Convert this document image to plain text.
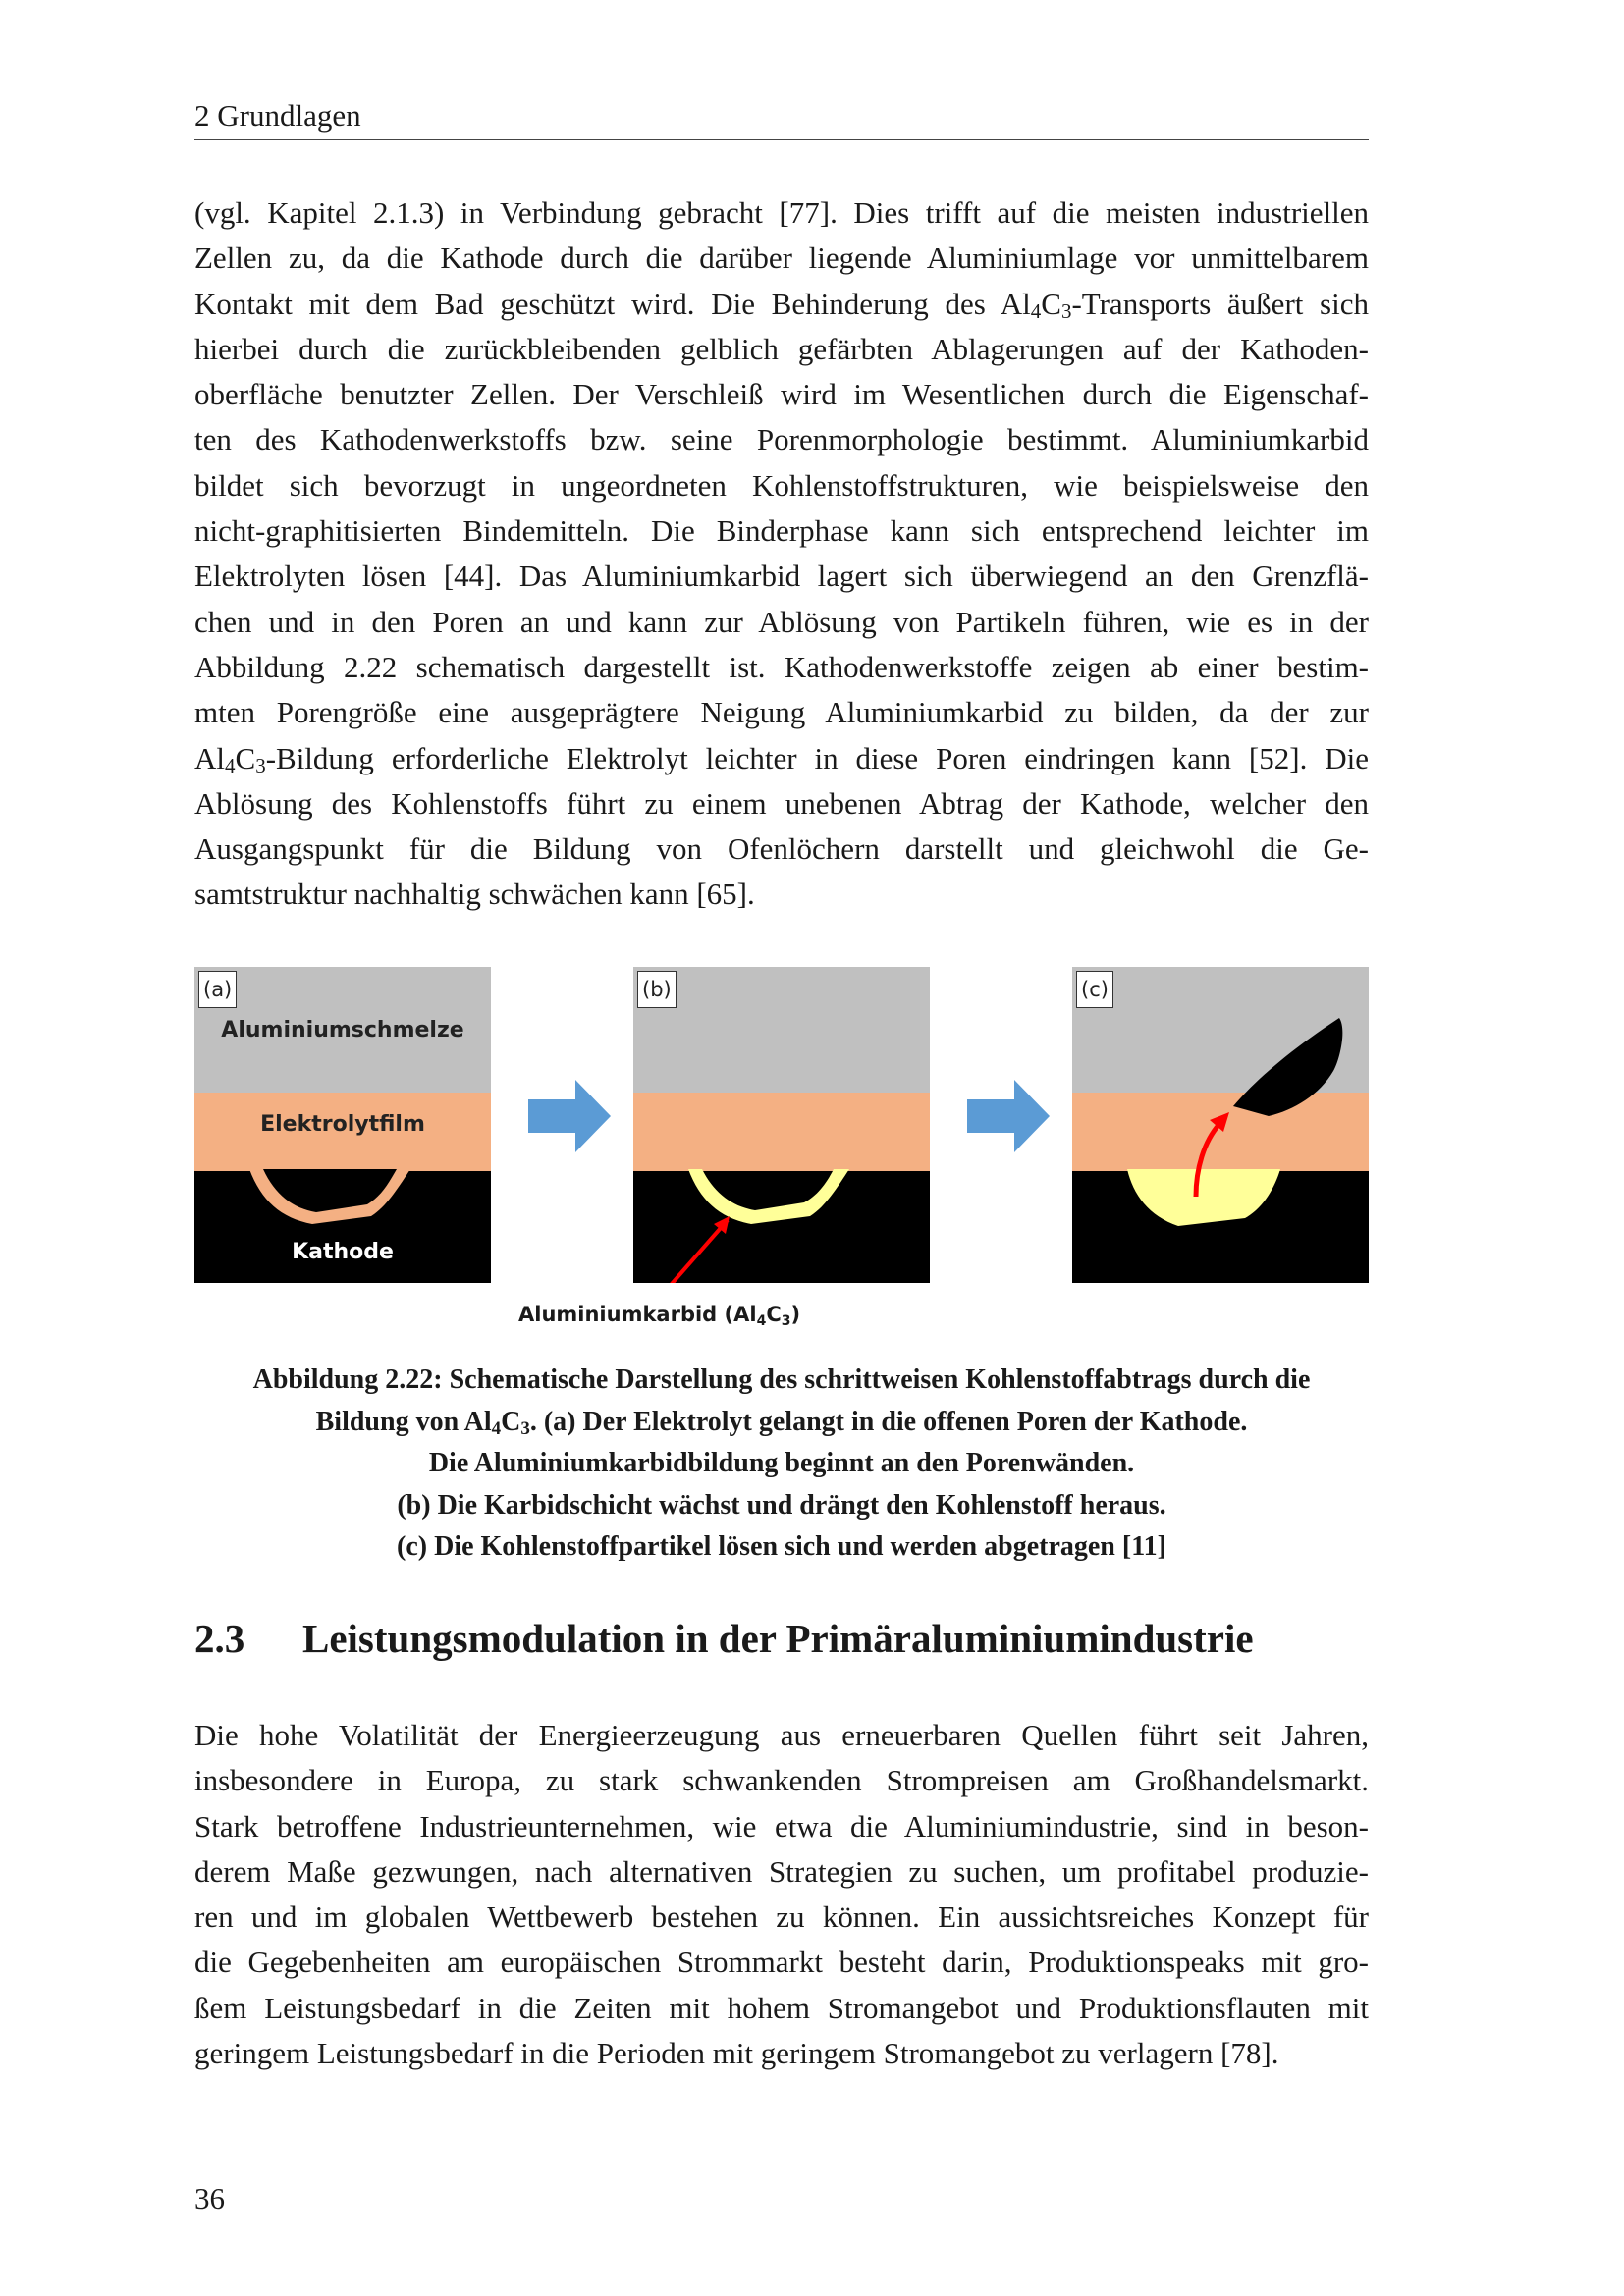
2 Grundlagen
(vgl. Kapitel 2.1.3) in Verbindung gebracht [77]. Dies trifft auf die meisten industriellen
Zellen zu, da die Kathode durch die darüber liegende Aluminiumlage vor unmittelbarem
Kontakt mit dem Bad geschützt wird. Die Behinderung des Al4C3-Transports äußert sich
hierbei durch die zurückbleibenden gelblich gefärbten Ablagerungen auf der Kathoden-
oberfläche benutzter Zellen. Der Verschleiß wird im Wesentlichen durch die Eigenschaf-
ten des Kathodenwerkstoffs bzw. seine Porenmorphologie bestimmt. Aluminiumkarbid
bildet sich bevorzugt in ungeordneten Kohlenstoffstrukturen, wie beispielsweise den
nicht-graphitisierten Bindemitteln. Die Binderphase kann sich entsprechend leichter im
Elektrolyten lösen [44]. Das Aluminiumkarbid lagert sich überwiegend an den Grenzflä-
chen und in den Poren an und kann zur Ablösung von Partikeln führen, wie es in der
Abbildung 2.22 schematisch dargestellt ist. Kathodenwerkstoffe zeigen ab einer bestim-
mten Porengröße eine ausgeprägtere Neigung Aluminiumkarbid zu bilden, da der zur
Al4C3-Bildung erforderliche Elektrolyt leichter in diese Poren eindringen kann [52]. Die
Ablösung des Kohlenstoffs führt zu einem unebenen Abtrag der Kathode, welcher den
Ausgangspunkt für die Bildung von Ofenlöchern darstellt und gleichwohl die Ge-
samtstruktur nachhaltig schwächen kann [65].
(a)
Aluminiumschmelze
Elektrolytfilm
Kathode
(b)	(c)
Aluminiumkarbid $(Al_4C_3)$
Abbildung 2.22: Schematische Darstellung des schrittweisen Kohlenstoffabtrags durch die
Bildung von $Al_4C_3$. (a) Der Elektrolyt gelangt in die offenen Poren der Kathode.
Die Aluminiumkarbidbildung beginnt an den Porenwänden.
(b) Die Karbidschicht wächst und drängt den Kohlenstoff heraus.
(c) Die Kohlenstoffpartikel lösen sich und werden abgetragen [11]
2.3 Leistungsmodulation in der Primäraluminiumindustrie
Die hohe Volatilität der Energieerzeugung aus erneuerbaren Quellen führt seit Jahren,
insbesondere in Europa, zu stark schwankenden Strompreisen am Großhandelsmarkt.
Stark betroffene Industrieunternehmen, wie etwa die Aluminiumindustrie, sind in beson-
derem Maße gezwungen, nach alternativen Strategien zu suchen, um profitabel produzie-
ren und im globalen Wettbewerb bestehen zu können. Ein aussichtsreiches Konzept für
die Gegebenheiten am europäischen Strommarkt besteht darin, Produktionspeaks mit gro-
ßem Leistungsbedarf in die Zeiten mit hohem Stromangebot und Produktionsflauten mit
geringem Leistungsbedarf in die Perioden mit geringem Stromangebot zu verlagern [78].
36
